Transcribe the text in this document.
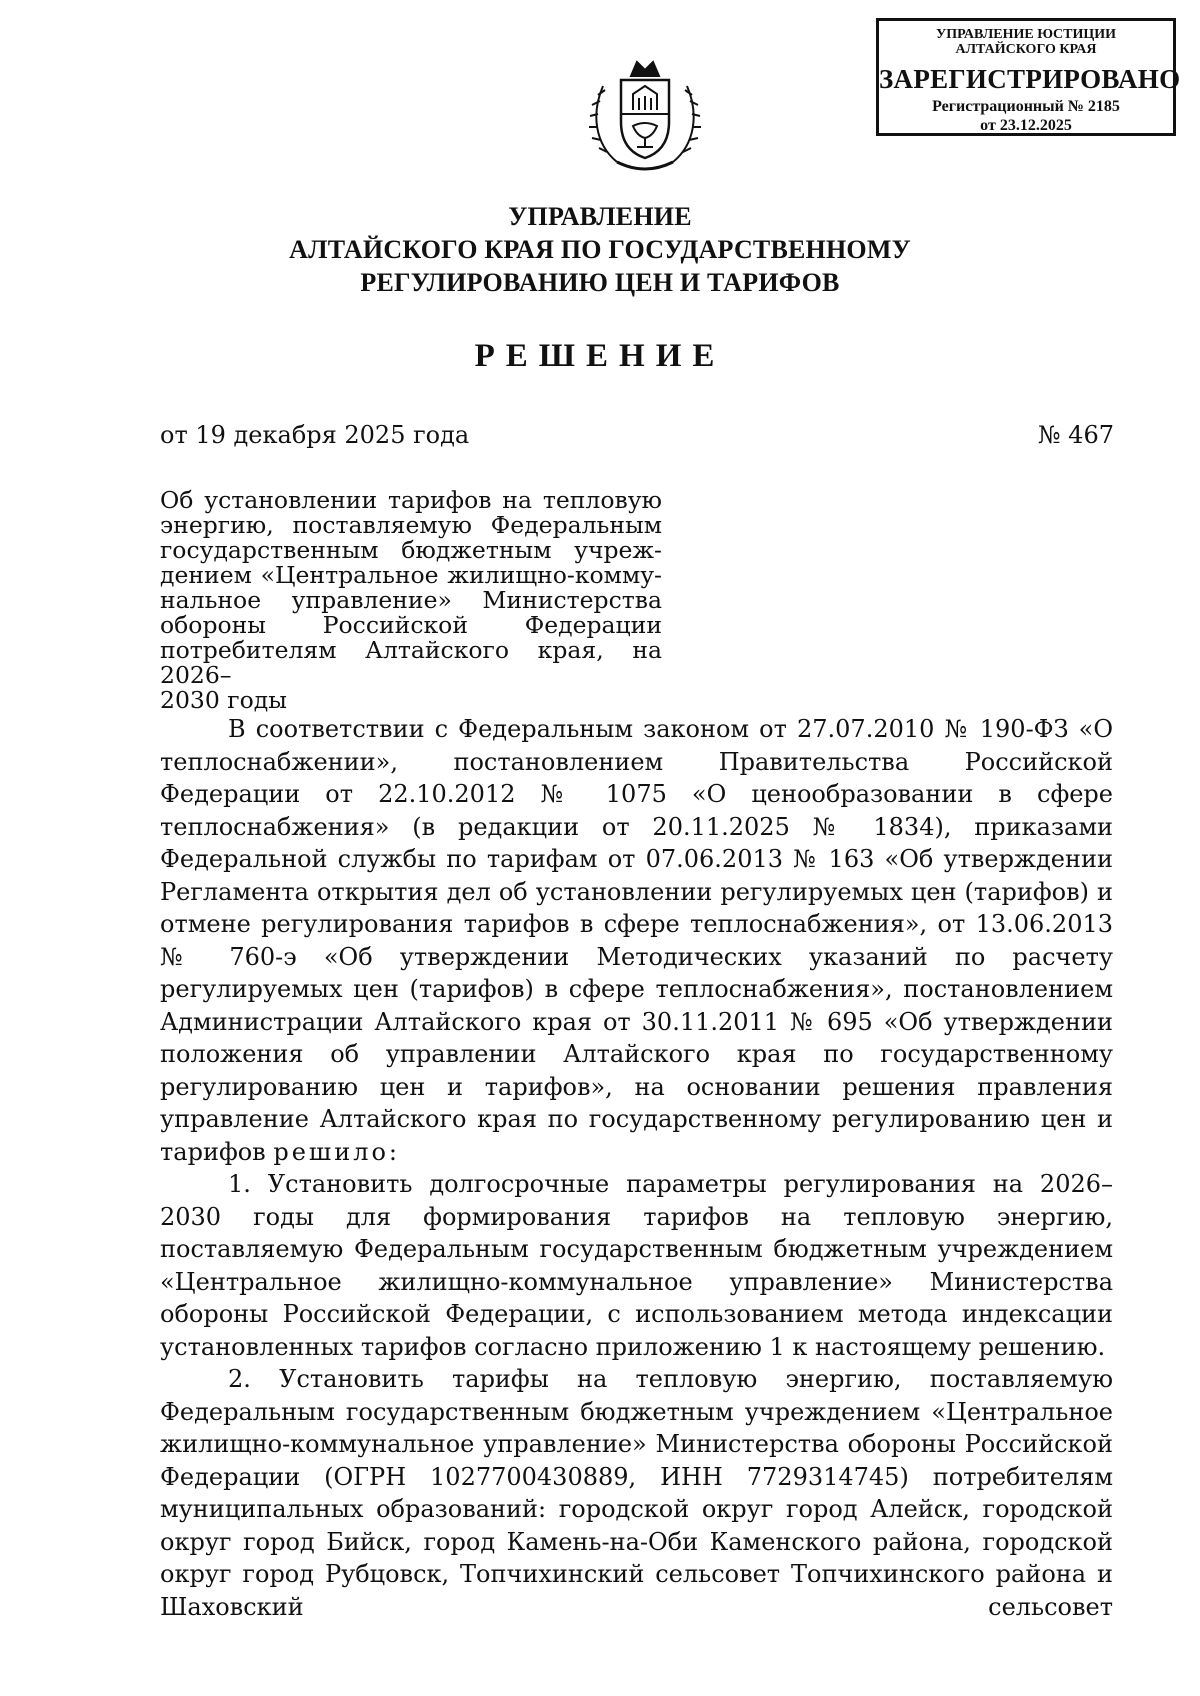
УПРАВЛЕНИЕ ЮСТИЦИИ
АЛТАЙСКОГО КРАЯ
ЗАРЕГИСТРИРОВАНО
Регистрационный № 2185
от 23.12.2025
УПРАВЛЕНИЕ
АЛТАЙСКОГО КРАЯ ПО ГОСУДАРСТВЕННОМУ
РЕГУЛИРОВАНИЮ ЦЕН И ТАРИФОВ
РЕШЕНИЕ
от 19 декабря 2025 года	№ 467
Об установлении тарифов на тепловую
энергию, поставляемую Федеральным
государственным бюджетным учреж-
дением «Центральное жилищно-комму-
нальное управление» Министерства
обороны Российской Федерации
потребителям Алтайского края, на 2026–
2030 годы

В соответствии с Федеральным законом от 27.07.2010 № 190-ФЗ «О теплоснабжении», постановлением Правительства Российской Федерации от 22.10.2012 № 1075 «О ценообразовании в сфере теплоснабжения» (в редакции от 20.11.2025 № 1834), приказами Федеральной службы по тарифам от 07.06.2013 № 163 «Об утверждении Регламента открытия дел об установлении регулируемых цен (тарифов) и отмене регулирования тарифов в сфере теплоснабжения», от 13.06.2013 № 760-э «Об утверждении Методических указаний по расчету регулируемых цен (тарифов) в сфере теплоснабжения», постановлением Администрации Алтайского края от 30.11.2011 № 695 «Об утверждении положения об управлении Алтайского края по государственному регулированию цен и тарифов», на основании решения правления управление Алтайского края по государственному регулированию цен и тарифов решило:

1. Установить долгосрочные параметры регулирования на 2026–2030 годы для формирования тарифов на тепловую энергию, поставляемую Федеральным государственным бюджетным учреждением «Центральное жилищно-коммунальное управление» Министерства обороны Российской Федерации, с использованием метода индексации установленных тарифов согласно приложению 1 к настоящему решению.

2. Установить тарифы на тепловую энергию, поставляемую Федеральным государственным бюджетным учреждением «Центральное жилищно-коммунальное управление» Министерства обороны Российской Федерации (ОГРН 1027700430889, ИНН 7729314745) потребителям муниципальных образований: городской округ город Алейск, городской округ город Бийск, город Камень-на-Оби Каменского района, городской округ город Рубцовск, Топчихинский сельсовет Топчихинского района и Шаховский сельсовет
